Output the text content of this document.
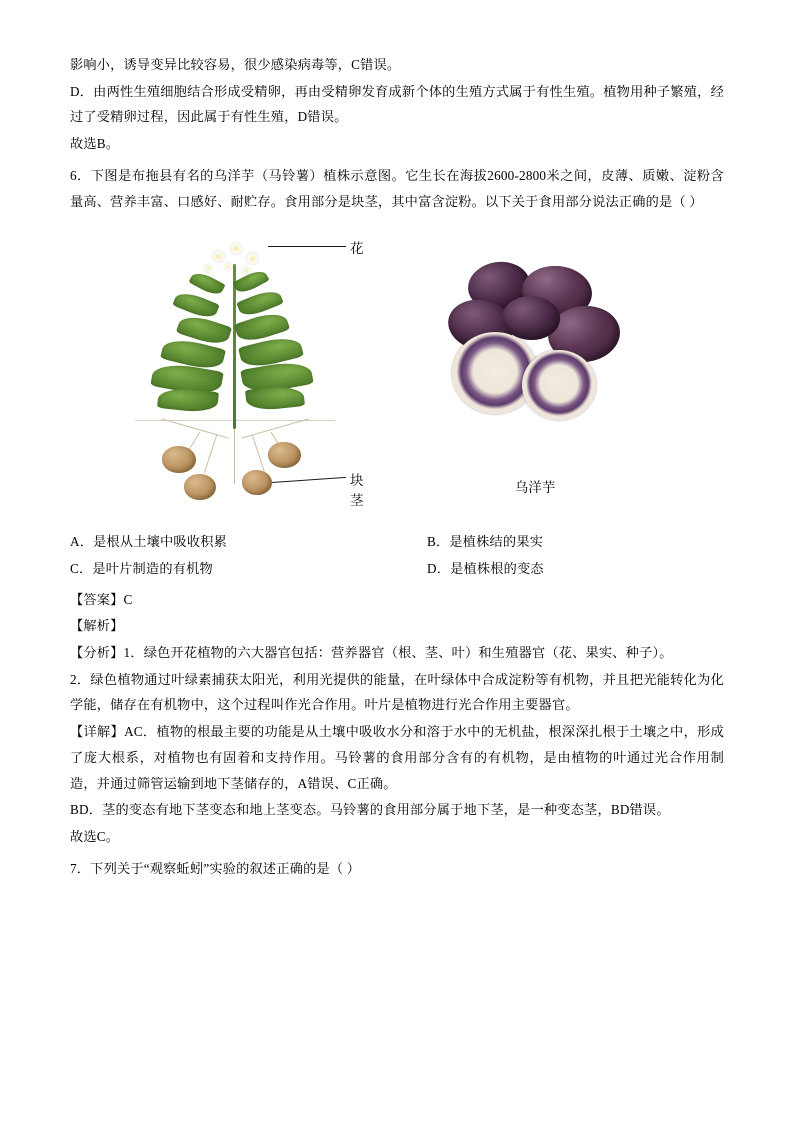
影响小，诱导变异比较容易，很少感染病毒等，C错误。

D．由两性生殖细胞结合形成受精卵，再由受精卵发育成新个体的生殖方式属于有性生殖。植物用种子繁殖，经过了受精卵过程，因此属于有性生殖，D错误。

故选B。

6．下图是布拖县有名的乌洋芋（马铃薯）植株示意图。它生长在海拔2600-2800米之间，皮薄、质嫩、淀粉含量高、营养丰富、口感好、耐贮存。食用部分是块茎，其中富含淀粉。以下关于食用部分说法正确的是（ ）

花
块茎
乌洋芋
A．是根从土壤中吸收积累	B．是植株结的果实
C．是叶片制造的有机物	D．是植株根的变态

【答案】C

【解析】

【分析】1．绿色开花植物的六大器官包括：营养器官（根、茎、叶）和生殖器官（花、果实、种子）。

2．绿色植物通过叶绿素捕获太阳光，利用光提供的能量，在叶绿体中合成淀粉等有机物，并且把光能转化为化学能，储存在有机物中，这个过程叫作光合作用。叶片是植物进行光合作用主要器官。

【详解】AC．植物的根最主要的功能是从土壤中吸收水分和溶于水中的无机盐，根深深扎根于土壤之中，形成了庞大根系，对植物也有固着和支持作用。马铃薯的食用部分含有的有机物，是由植物的叶通过光合作用制造，并通过筛管运输到地下茎储存的，A错误、C正确。

BD．茎的变态有地下茎变态和地上茎变态。马铃薯的食用部分属于地下茎，是一种变态茎，BD错误。

故选C。

7．下列关于“观察蚯蚓”实验的叙述正确的是（ ）
